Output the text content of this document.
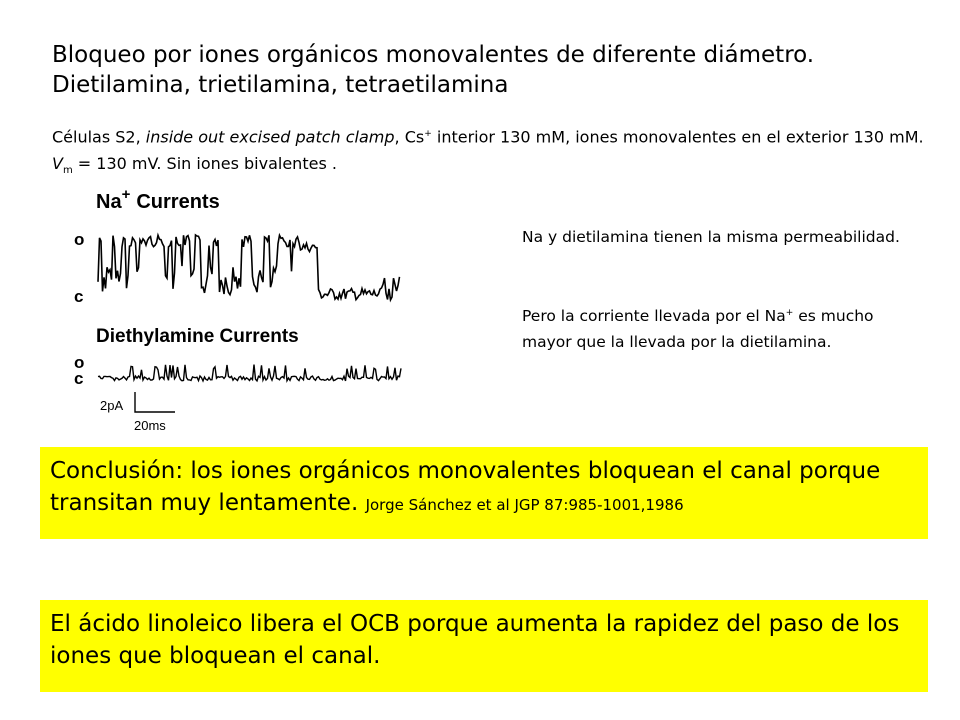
Bloqueo por iones orgánicos monovalentes de diferente diámetro.
Dietilamina, trietilamina, tetraetilamina
Células S2, inside out excised patch clamp, Cs+ interior 130 mM, iones monovalentes en el exterior 130 mM. $V_m = 130$ mV. Sin iones bivalentes .
Na+ Currents
o
c
Diethylamine Currents
o
c
2pA
20ms
Na y dietilamina tienen la misma permeabilidad.
Pero la corriente llevada por el Na+ es mucho mayor que la llevada por la dietilamina.
Conclusión: los iones orgánicos monovalentes bloquean el canal porque transitan muy lentamente. Jorge Sánchez et al JGP 87:985-1001,1986
El ácido linoleico libera el OCB porque aumenta la rapidez del paso de los iones que bloquean el canal.
